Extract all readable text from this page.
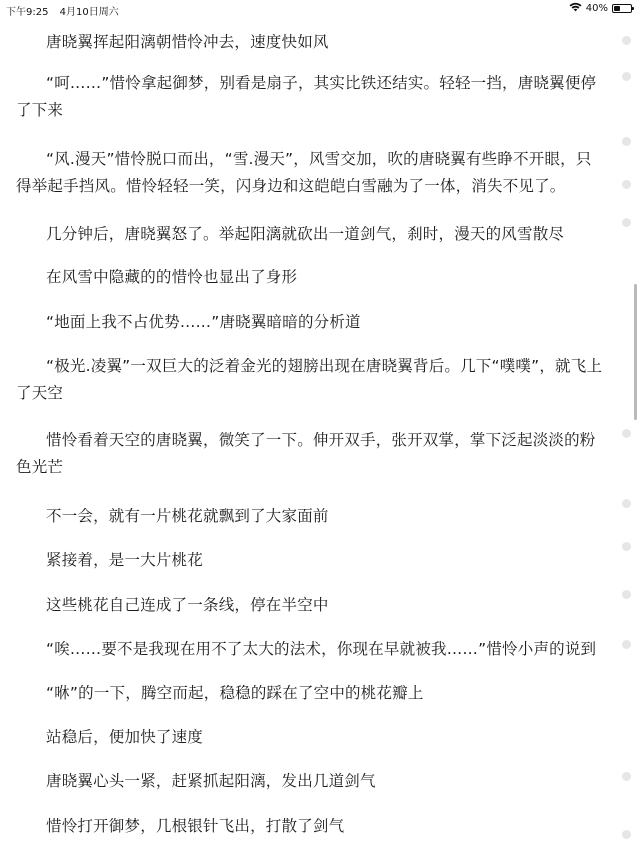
下午9:25 4月10日周六	40%

唐晓翼挥起阳漓朝惜怜冲去，速度快如风

“呵……”惜怜拿起御梦，别看是扇子，其实比铁还结实。轻轻一挡，唐晓翼便停了下来

“风.漫天”惜怜脱口而出，“雪.漫天”，风雪交加，吹的唐晓翼有些睁不开眼，只得举起手挡风。惜怜轻轻一笑，闪身边和这皑皑白雪融为了一体，消失不见了。

几分钟后，唐晓翼怒了。举起阳漓就砍出一道剑气，刹时，漫天的风雪散尽

在风雪中隐藏的的惜怜也显出了身形

“地面上我不占优势……”唐晓翼暗暗的分析道

“极光.凌翼”一双巨大的泛着金光的翅膀出现在唐晓翼背后。几下“噗噗”，就飞上了天空

惜怜看着天空的唐晓翼，微笑了一下。伸开双手，张开双掌，掌下泛起淡淡的粉色光芒

不一会，就有一片桃花就飘到了大家面前

紧接着，是一大片桃花

这些桃花自己连成了一条线，停在半空中

“唉……要不是我现在用不了太大的法术，你现在早就被我……”惜怜小声的说到

“咻”的一下，腾空而起，稳稳的踩在了空中的桃花瓣上

站稳后，便加快了速度

唐晓翼心头一紧，赶紧抓起阳漓，发出几道剑气

惜怜打开御梦，几根银针飞出，打散了剑气
